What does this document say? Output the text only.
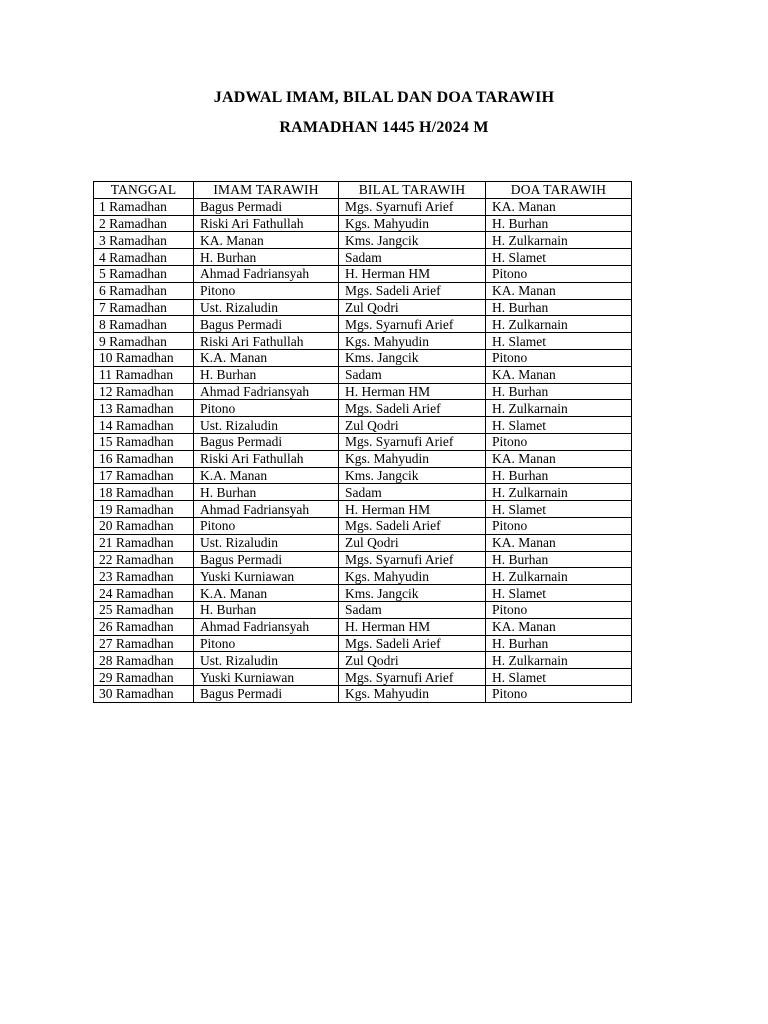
JADWAL IMAM, BILAL DAN DOA TARAWIH
RAMADHAN 1445 H/2024 M
TANGGAL	IMAM TARAWIH	BILAL TARAWIH	DOA TARAWIH
1 Ramadhan	Bagus Permadi	Mgs. Syarnufi Arief	KA. Manan
2 Ramadhan	Riski Ari Fathullah	Kgs. Mahyudin	H. Burhan
3 Ramadhan	KA. Manan	Kms. Jangcik	H. Zulkarnain
4 Ramadhan	H. Burhan	Sadam	H. Slamet
5 Ramadhan	Ahmad Fadriansyah	H. Herman HM	Pitono
6 Ramadhan	Pitono	Mgs. Sadeli Arief	KA. Manan
7 Ramadhan	Ust. Rizaludin	Zul Qodri	H. Burhan
8 Ramadhan	Bagus Permadi	Mgs. Syarnufi Arief	H. Zulkarnain
9 Ramadhan	Riski Ari Fathullah	Kgs. Mahyudin	H. Slamet
10 Ramadhan	K.A. Manan	Kms. Jangcik	Pitono
11 Ramadhan	H. Burhan	Sadam	KA. Manan
12 Ramadhan	Ahmad Fadriansyah	H. Herman HM	H. Burhan
13 Ramadhan	Pitono	Mgs. Sadeli Arief	H. Zulkarnain
14 Ramadhan	Ust. Rizaludin	Zul Qodri	H. Slamet
15 Ramadhan	Bagus Permadi	Mgs. Syarnufi Arief	Pitono
16 Ramadhan	Riski Ari Fathullah	Kgs. Mahyudin	KA. Manan
17 Ramadhan	K.A. Manan	Kms. Jangcik	H. Burhan
18 Ramadhan	H. Burhan	Sadam	H. Zulkarnain
19 Ramadhan	Ahmad Fadriansyah	H. Herman HM	H. Slamet
20 Ramadhan	Pitono	Mgs. Sadeli Arief	Pitono
21 Ramadhan	Ust. Rizaludin	Zul Qodri	KA. Manan
22 Ramadhan	Bagus Permadi	Mgs. Syarnufi Arief	H. Burhan
23 Ramadhan	Yuski Kurniawan	Kgs. Mahyudin	H. Zulkarnain
24 Ramadhan	K.A. Manan	Kms. Jangcik	H. Slamet
25 Ramadhan	H. Burhan	Sadam	Pitono
26 Ramadhan	Ahmad Fadriansyah	H. Herman HM	KA. Manan
27 Ramadhan	Pitono	Mgs. Sadeli Arief	H. Burhan
28 Ramadhan	Ust. Rizaludin	Zul Qodri	H. Zulkarnain
29 Ramadhan	Yuski Kurniawan	Mgs. Syarnufi Arief	H. Slamet
30 Ramadhan	Bagus Permadi	Kgs. Mahyudin	Pitono
